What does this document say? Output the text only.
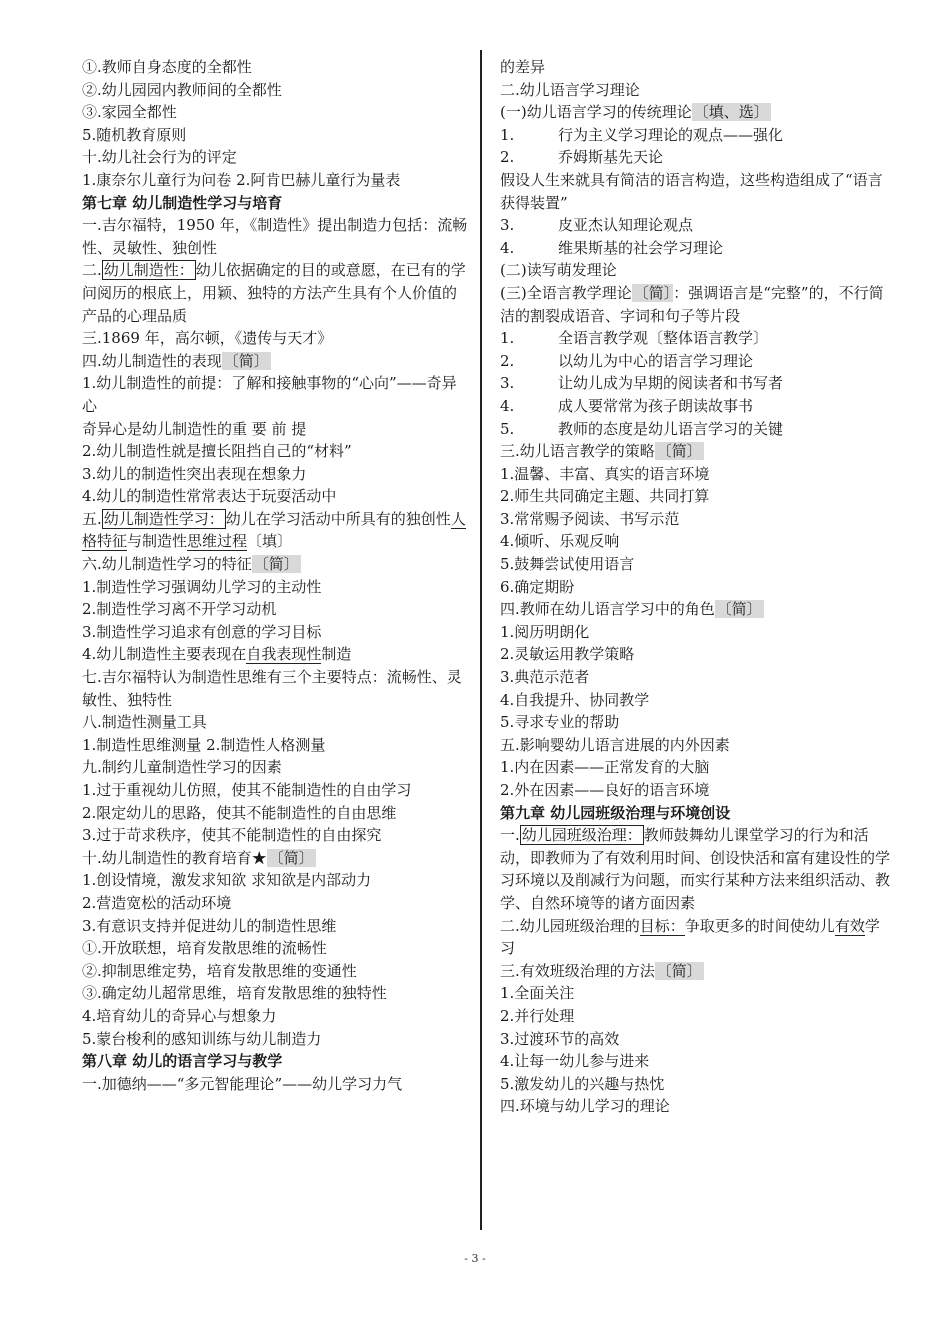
①.教师自身态度的全都性
②.幼儿园园内教师间的全都性
③.家园全都性
5.随机教育原则
十.幼儿社会行为的评定
1.康奈尔儿童行为问卷 2.阿肯巴赫儿童行为量表
第七章 幼儿制造性学习与培育
一.吉尔福特，1950 年，《制造性》提出制造力包括：流畅性、灵敏性、独创性
二. 幼儿制造性： 幼儿依据确定的目的或意愿，在已有的学问阅历的根底上，用颖、独特的方法产生具有个人价值的产品的心理品质
三.1869 年，高尔顿，《遗传与天才》
四.幼儿制造性的表现 〔简〕
1.幼儿制造性的前提：了解和接触事物的“心向”——奇异心
奇异心是幼儿制造性的重 要 前 提
2.幼儿制造性就是擅长阻挡自己的“材料”
3.幼儿的制造性突出表现在想象力
4.幼儿的制造性常常表达于玩耍活动中
五. 幼儿制造性学习： 幼儿在学习活动中所具有的独创性人格特征与制造性思维过程〔填〕
六.幼儿制造性学习的特征 〔简〕
1.制造性学习强调幼儿学习的主动性
2.制造性学习离不开学习动机
3.制造性学习追求有创意的学习目标
4.幼儿制造性主要表现在自我表现性制造
七.吉尔福特认为制造性思维有三个主要特点：流畅性、灵敏性、独特性
八.制造性测量工具
1.制造性思维测量 2.制造性人格测量
九.制约儿童制造性学习的因素
1.过于重视幼儿仿照，使其不能制造性的自由学习
2.限定幼儿的思路，使其不能制造性的自由思维
3.过于苛求秩序，使其不能制造性的自由探究
十.幼儿制造性的教育培育★ 〔简〕
1.创设情境，激发求知欲 求知欲是内部动力
2.营造宽松的活动环境
3.有意识支持并促进幼儿的制造性思维
①.开放联想，培育发散思维的流畅性
②.抑制思维定势，培育发散思维的变通性
③.确定幼儿超常思维，培育发散思维的独特性
4.培育幼儿的奇异心与想象力
5.蒙台梭利的感知训练与幼儿制造力
第八章 幼儿的语言学习与教学
一.加德纳——“多元智能理论”——幼儿学习力气
的差异
二.幼儿语言学习理论
(一)幼儿语言学习的传统理论 〔填、选〕
1.	行为主义学习理论的观点——强化
2.	乔姆斯基先天论
假设人生来就具有简洁的语言构造，这些构造组成了“语言获得装置”
3.	皮亚杰认知理论观点
4.	维果斯基的社会学习理论
(二)读写萌发理论
(三)全语言教学理论 〔简〕 ：强调语言是“完整”的，不行简洁的割裂成语音、字词和句子等片段
1.	全语言教学观〔整体语言教学〕
2.	以幼儿为中心的语言学习理论
3.	让幼儿成为早期的阅读者和书写者
4.	成人要常常为孩子朗读故事书
5.	教师的态度是幼儿语言学习的关键
三.幼儿语言教学的策略 〔简〕
1.温馨、丰富、真实的语言环境
2.师生共同确定主题、共同打算
3.常常赐予阅读、书写示范
4.倾听、乐观反响
5.鼓舞尝试使用语言
6.确定期盼
四.教师在幼儿语言学习中的角色 〔简〕
1.阅历明朗化
2.灵敏运用教学策略
3.典范示范者
4.自我提升、协同教学
5.寻求专业的帮助
五.影响婴幼儿语言进展的内外因素
1.内在因素——正常发育的大脑
2.外在因素——良好的语言环境
第九章 幼儿园班级治理与环境创设
一. 幼儿园班级治理： 教师鼓舞幼儿课堂学习的行为和活动，即教师为了有效利用时间、创设快活和富有建设性的学习环境以及削减行为问题，而实行某种方法来组织活动、教学、自然环境等的诸方面因素
二.幼儿园班级治理的目标：争取更多的时间使幼儿有效学习
三.有效班级治理的方法 〔简〕
1.全面关注
2.并行处理
3.过渡环节的高效
4.让每一幼儿参与进来
5.激发幼儿的兴趣与热忱
四.环境与幼儿学习的理论
- 3 -
